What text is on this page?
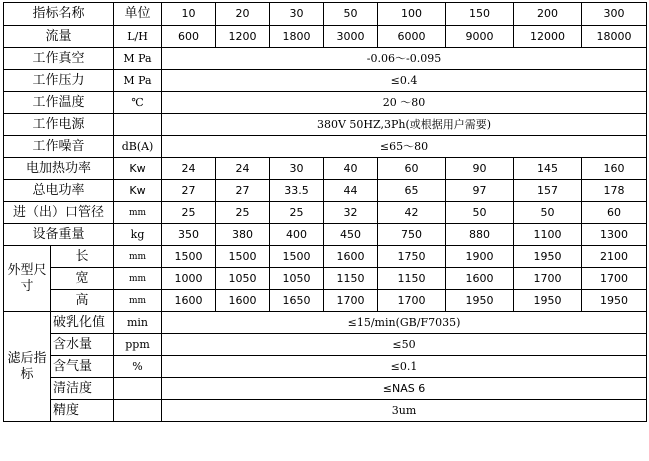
指标名称		单位	10	20	30	50	100	150	200	300
流量		L/H	600	1200	1800	3000	6000	9000	12000	18000
工作真空		M Pa	-0.06～-0.095							
工作压力		M Pa	≤0.4							
工作温度		℃	20 ～80							
工作电源			380V 50HZ,3Ph(或根据用户需要)							
工作噪音		dB(A)	≤65～80							
电加热功率		Kw	24	24	30	40	60	90	145	160
总电功率		Kw	27	27	33.5	44	65	97	157	178
进（出）口管径		mm	25	25	25	32	42	50	50	60
设备重量		kg	350	380	400	450	750	880	1100	1300
外型尺寸	长	mm	1500	1500	1500	1600	1750	1900	1950	2100
	宽	mm	1000	1050	1050	1150	1150	1600	1700	1700
	高	mm	1600	1600	1650	1700	1700	1950	1950	1950
滤后指标	破乳化值	min	≤15/min(GB/F7035)							
	含水量	ppm	≤50							
	含气量	%	≤0.1							
	清洁度		≤NAS 6							
	精度		3um							
